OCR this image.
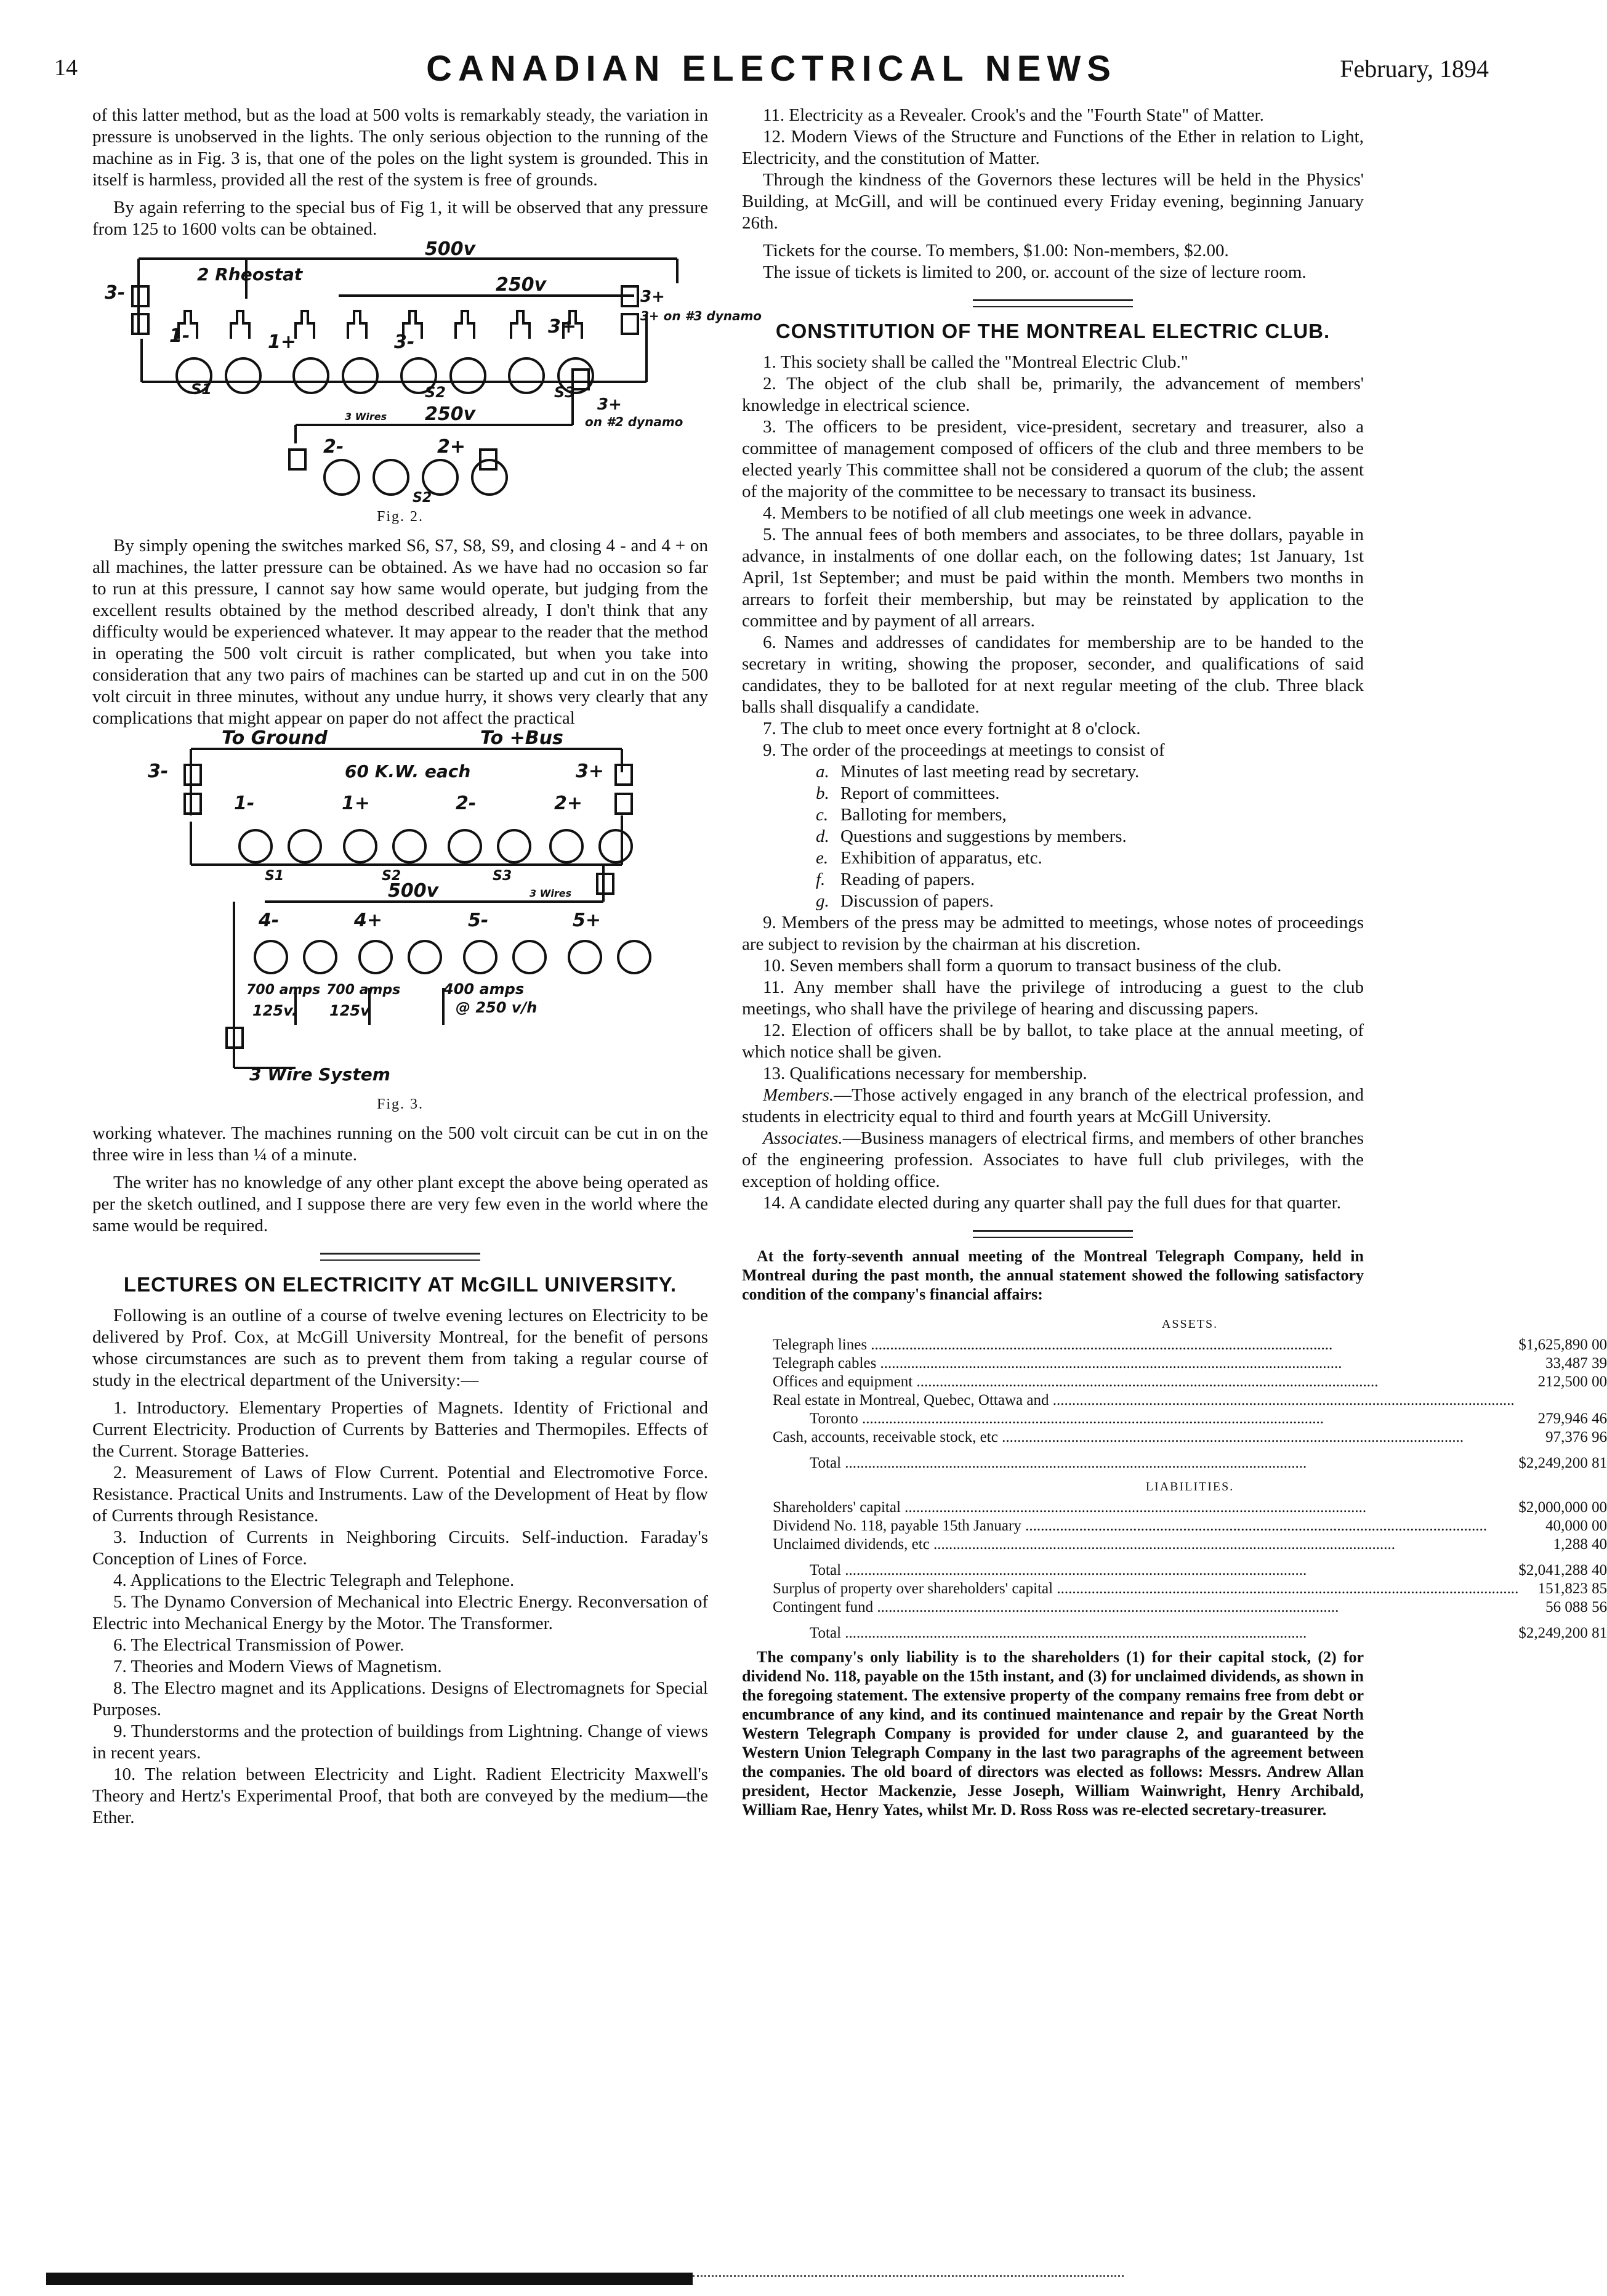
14	CANADIAN ELECTRICAL NEWS	February, 1894

of this latter method, but as the load at 500 volts is remarkably steady, the variation in pressure is unobserved in the lights. The only serious objection to the running of the machine as in Fig. 3 is, that one of the poles on the light system is grounded. This in itself is harmless, provided all the rest of the system is free of grounds.

By again referring to the special bus of Fig 1, it will be observed that any pressure from 125 to 1600 volts can be obtained.

500v
2 Rheostat	250v
3-
1-	1+	3-
3+
3+
3+ on #3 dynamo
S1	S2	S3
3+
on #2 dynamo
3 Wires 250v
2-	2+
S2
Fig. 2.

By simply opening the switches marked S6, S7, S8, S9, and closing 4 - and 4 + on all machines, the latter pressure can be obtained. As we have had no occasion so far to run at this pressure, I cannot say how same would operate, but judging from the excellent results obtained by the method described already, I don't think that any difficulty would be experienced whatever. It may appear to the reader that the method in operating the 500 volt circuit is rather complicated, but when you take into consideration that any two pairs of machines can be started up and cut in on the 500 volt circuit in three minutes, without any undue hurry, it shows very clearly that any complications that might appear on paper do not affect the practical

To Ground	To +Bus
3-	3+
60 K.W. each
1-	1+	2-	2+
S1	S2	S3
500v	3 Wires
4-	4+	5-	5+
700 amps 700 amps	400 amps
@ 250 v/h
125v. 125v
3 Wire System
Fig. 3.

working whatever. The machines running on the 500 volt circuit can be cut in on the three wire in less than ¼ of a minute.

The writer has no knowledge of any other plant except the above being operated as per the sketch outlined, and I suppose there are very few even in the world where the same would be required.

LECTURES ON ELECTRICITY AT McGILL UNIVERSITY.

Following is an outline of a course of twelve evening lectures on Electricity to be delivered by Prof. Cox, at McGill University Montreal, for the benefit of persons whose circumstances are such as to prevent them from taking a regular course of study in the electrical department of the University:—

1. Introductory. Elementary Properties of Magnets. Identity of Frictional and Current Electricity. Production of Currents by Batteries and Thermopiles. Effects of the Current. Storage Batteries.
2. Measurement of Laws of Flow Current. Potential and Electromotive Force. Resistance. Practical Units and Instruments. Law of the Development of Heat by flow of Currents through Resistance.
3. Induction of Currents in Neighboring Circuits. Self-induction. Faraday's Conception of Lines of Force.
4. Applications to the Electric Telegraph and Telephone.
5. The Dynamo Conversion of Mechanical into Electric Energy. Reconversation of Electric into Mechanical Energy by the Motor. The Transformer.
6. The Electrical Transmission of Power.
7. Theories and Modern Views of Magnetism.
8. The Electro magnet and its Applications. Designs of Electromagnets for Special Purposes.
9. Thunderstorms and the protection of buildings from Lightning. Change of views in recent years.
10. The relation between Electricity and Light. Radient Electricity Maxwell's Theory and Hertz's Experimental Proof, that both are conveyed by the medium—the Ether.
11. Electricity as a Revealer. Crook's and the "Fourth State" of Matter.
12. Modern Views of the Structure and Functions of the Ether in relation to Light, Electricity, and the constitution of Matter.

Through the kindness of the Governors these lectures will be held in the Physics' Building, at McGill, and will be continued every Friday evening, beginning January 26th.

Tickets for the course. To members, $1.00: Non-members, $2.00.

The issue of tickets is limited to 200, or. account of the size of lecture room.

CONSTITUTION OF THE MONTREAL ELECTRIC CLUB.
1. This society shall be called the "Montreal Electric Club."
2. The object of the club shall be, primarily, the advancement of members' knowledge in electrical science.
3. The officers to be president, vice-president, secretary and treasurer, also a committee of management composed of officers of the club and three members to be elected yearly This committee shall not be considered a quorum of the club; the assent of the majority of the committee to be necessary to transact its business.
4. Members to be notified of all club meetings one week in advance.
5. The annual fees of both members and associates, to be three dollars, payable in advance, in instalments of one dollar each, on the following dates; 1st January, 1st April, 1st September; and must be paid within the month. Members two months in arrears to forfeit their membership, but may be reinstated by application to the committee and by payment of all arrears.
6. Names and addresses of candidates for membership are to be handed to the secretary in writing, showing the proposer, seconder, and qualifications of said candidates, they to be balloted for at next regular meeting of the club. Three black balls shall disqualify a candidate.
7. The club to meet once every fortnight at 8 o'clock.
9. The order of the proceedings at meetings to consist of
a. Minutes of last meeting read by secretary.
b. Report of committees.
c. Balloting for members,
d. Questions and suggestions by members.
e. Exhibition of apparatus, etc.
f. Reading of papers.
g. Discussion of papers.
9. Members of the press may be admitted to meetings, whose notes of proceedings are subject to revision by the chairman at his discretion.
10. Seven members shall form a quorum to transact business of the club.
11. Any member shall have the privilege of introducing a guest to the club meetings, who shall have the privilege of hearing and discussing papers.
12. Election of officers shall be by ballot, to take place at the annual meeting, of which notice shall be given.
13. Qualifications necessary for membership.
Members.—Those actively engaged in any branch of the electrical profession, and students in electricity equal to third and fourth years at McGill University.
Associates.—Business managers of electrical firms, and members of other branches of the engineering profession. Associates to have full club privileges, with the exception of holding office.
14. A candidate elected during any quarter shall pay the full dues for that quarter.

At the forty-seventh annual meeting of the Montreal Telegraph Company, held in Montreal during the past month, the annual statement showed the following satisfactory condition of the company's financial affairs:

ASSETS.	
Telegraph lines ........................................................................................................................	$1,625,890 00
Telegraph cables ........................................................................................................................	33,487 39
Offices and equipment ........................................................................................................................	212,500 00
Real estate in Montreal, Quebec, Ottawa and ........................................................................................................................	
Toronto ........................................................................................................................	279,946 46
Cash, accounts, receivable stock, etc ........................................................................................................................	97,376 96
Total ........................................................................................................................	$2,249,200 81
LIABILITIES.	
Shareholders' capital ........................................................................................................................	$2,000,000 00
Dividend No. 118, payable 15th January ........................................................................................................................	40,000 00
Unclaimed dividends, etc ........................................................................................................................	1,288 40
Total ........................................................................................................................	$2,041,288 40
Surplus of property over shareholders' capital ........................................................................................................................	151,823 85
Contingent fund ........................................................................................................................	56 088 56
Total ........................................................................................................................	$2,249,200 81

The company's only liability is to the shareholders (1) for their capital stock, (2) for dividend No. 118, payable on the 15th instant, and (3) for unclaimed dividends, as shown in the foregoing statement. The extensive property of the company remains free from debt or encumbrance of any kind, and its continued maintenance and repair by the Great North Western Telegraph Company is provided for under clause 2, and guaranteed by the Western Union Telegraph Company in the last two paragraphs of the agreement between the companies. The old board of directors was elected as follows: Messrs. Andrew Allan president, Hector Mackenzie, Jesse Joseph, William Wainwright, Henry Archibald, William Rae, Henry Yates, whilst Mr. D. Ross Ross was re-elected secretary-treasurer.
